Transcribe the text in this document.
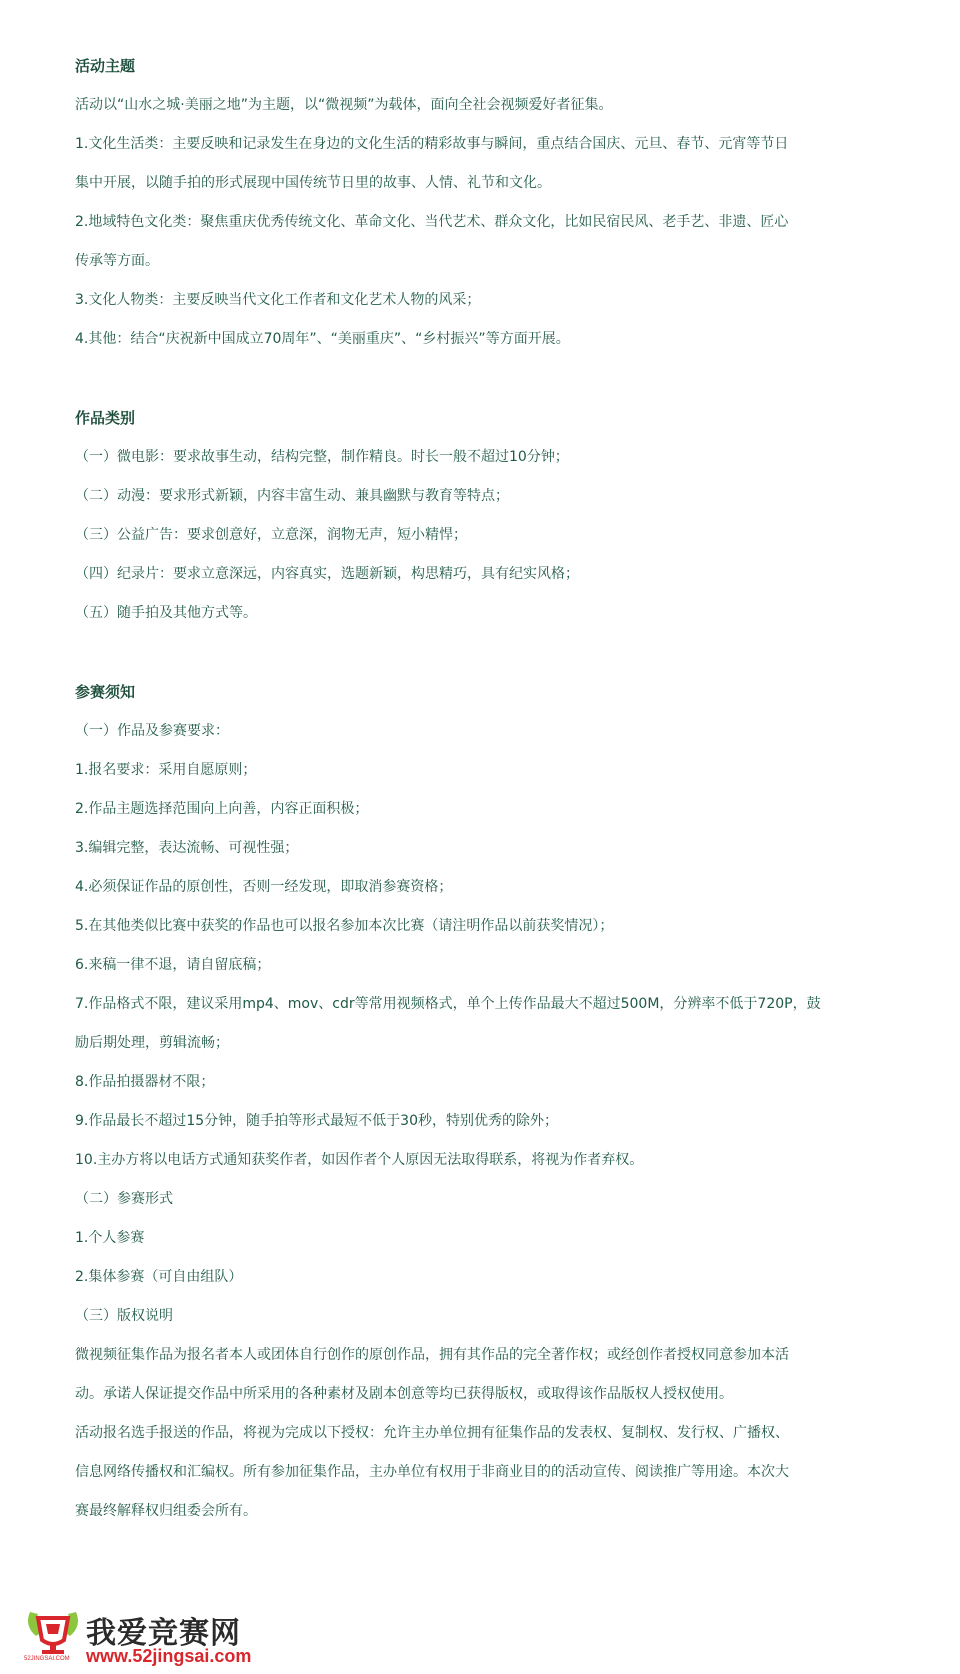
活动主题
活动以“山水之城·美丽之地”为主题，以“微视频”为载体，面向全社会视频爱好者征集。
1.文化生活类：主要反映和记录发生在身边的文化生活的精彩故事与瞬间，重点结合国庆、元旦、春节、元宵等节日
集中开展，以随手拍的形式展现中国传统节日里的故事、人情、礼节和文化。
2.地域特色文化类：聚焦重庆优秀传统文化、革命文化、当代艺术、群众文化，比如民宿民风、老手艺、非遗、匠心
传承等方面。
3.文化人物类：主要反映当代文化工作者和文化艺术人物的风采；
4.其他：结合“庆祝新中国成立70周年”、“美丽重庆”、“乡村振兴”等方面开展。
作品类别
（一）微电影：要求故事生动，结构完整，制作精良。时长一般不超过10分钟；
（二）动漫：要求形式新颖，内容丰富生动、兼具幽默与教育等特点；
（三）公益广告：要求创意好，立意深，润物无声，短小精悍；
（四）纪录片：要求立意深远，内容真实，选题新颖，构思精巧，具有纪实风格；
（五）随手拍及其他方式等。
参赛须知
（一）作品及参赛要求：
1.报名要求：采用自愿原则；
2.作品主题选择范围向上向善，内容正面积极；
3.编辑完整，表达流畅、可视性强；
4.必须保证作品的原创性，否则一经发现，即取消参赛资格；
5.在其他类似比赛中获奖的作品也可以报名参加本次比赛（请注明作品以前获奖情况）；
6.来稿一律不退，请自留底稿；
7.作品格式不限，建议采用mp4、mov、cdr等常用视频格式，单个上传作品最大不超过500M，分辨率不低于720P，鼓
励后期处理，剪辑流畅；
8.作品拍摄器材不限；
9.作品最长不超过15分钟，随手拍等形式最短不低于30秒，特别优秀的除外；
10.主办方将以电话方式通知获奖作者，如因作者个人原因无法取得联系，将视为作者弃权。
（二）参赛形式
1.个人参赛
2.集体参赛（可自由组队）
（三）版权说明
微视频征集作品为报名者本人或团体自行创作的原创作品，拥有其作品的完全著作权；或经创作者授权同意参加本活
动。承诺人保证提交作品中所采用的各种素材及剧本创意等均已获得版权，或取得该作品版权人授权使用。
活动报名选手报送的作品，将视为完成以下授权：允许主办单位拥有征集作品的发表权、复制权、发行权、广播权、
信息网络传播权和汇编权。所有参加征集作品，主办单位有权用于非商业目的的活动宣传、阅读推广等用途。本次大
赛最终解释权归组委会所有。
52JINGSAI.COM
我爱竞赛网
www.52jingsai.com
